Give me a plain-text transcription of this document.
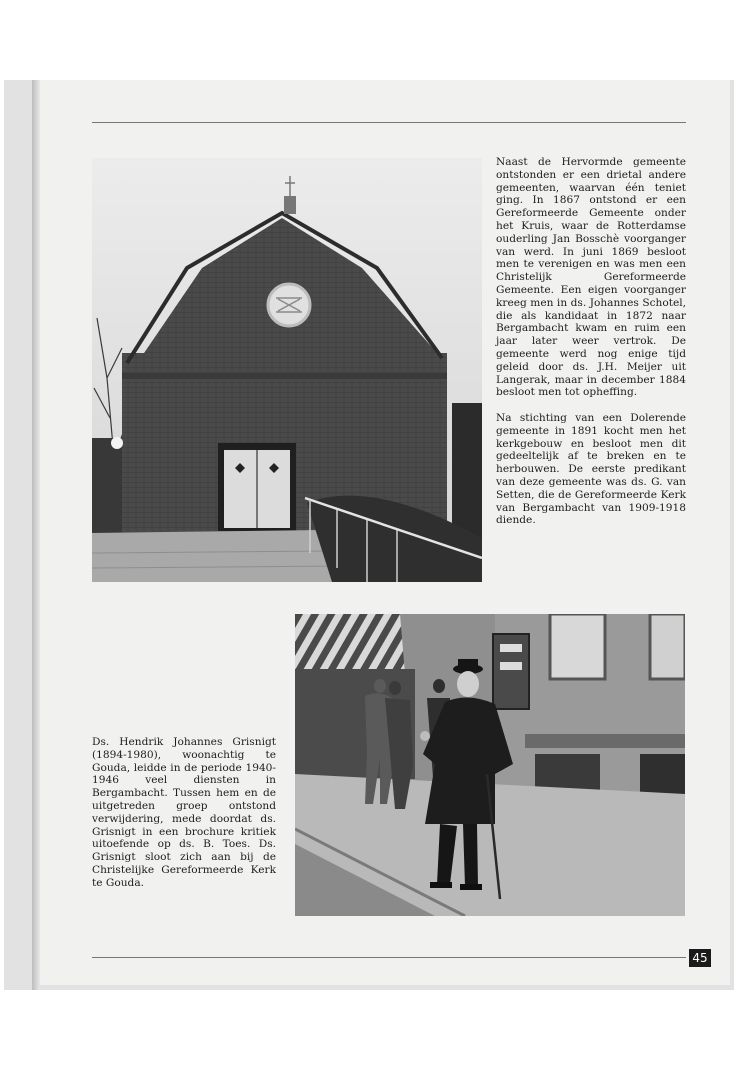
Naast de Hervormde gemeente ontstonden er een drietal andere gemeenten, waarvan één teniet ging. In 1867 ontstond er een Gereformeerde Gemeente onder het Kruis, waar de Rotterdamse ouderling Jan Bosschè voorganger van werd. In juni 1869 besloot men te verenigen en was men een Christelijk Gereformeerde Gemeente. Een eigen voorganger kreeg men in ds. Johannes Schotel, die als kandidaat in 1872 naar Bergambacht kwam en ruim een jaar later weer vertrok. De gemeente werd nog enige tijd geleid door ds. J.H. Meijer uit Langerak, maar in december 1884 besloot men tot opheffing.

Na stichting van een Dolerende gemeente in 1891 kocht men het kerkgebouw en besloot men dit gedeeltelijk af te breken en te herbouwen. De eerste predikant van deze gemeente was ds. G. van Setten, die de Gereformeerde Kerk van Bergambacht van 1909-1918 diende.

Ds. Hendrik Johannes Grisnigt (1894-1980), woonachtig te Gouda, leidde in de periode 1940-1946 veel diensten in Bergambacht. Tussen hem en de uitgetreden groep ontstond verwijdering, mede doordat ds. Grisnigt in een brochure kritiek uitoefende op ds. B. Toes. Ds. Grisnigt sloot zich aan bij de Christelijke Gereformeerde Kerk te Gouda.

45
